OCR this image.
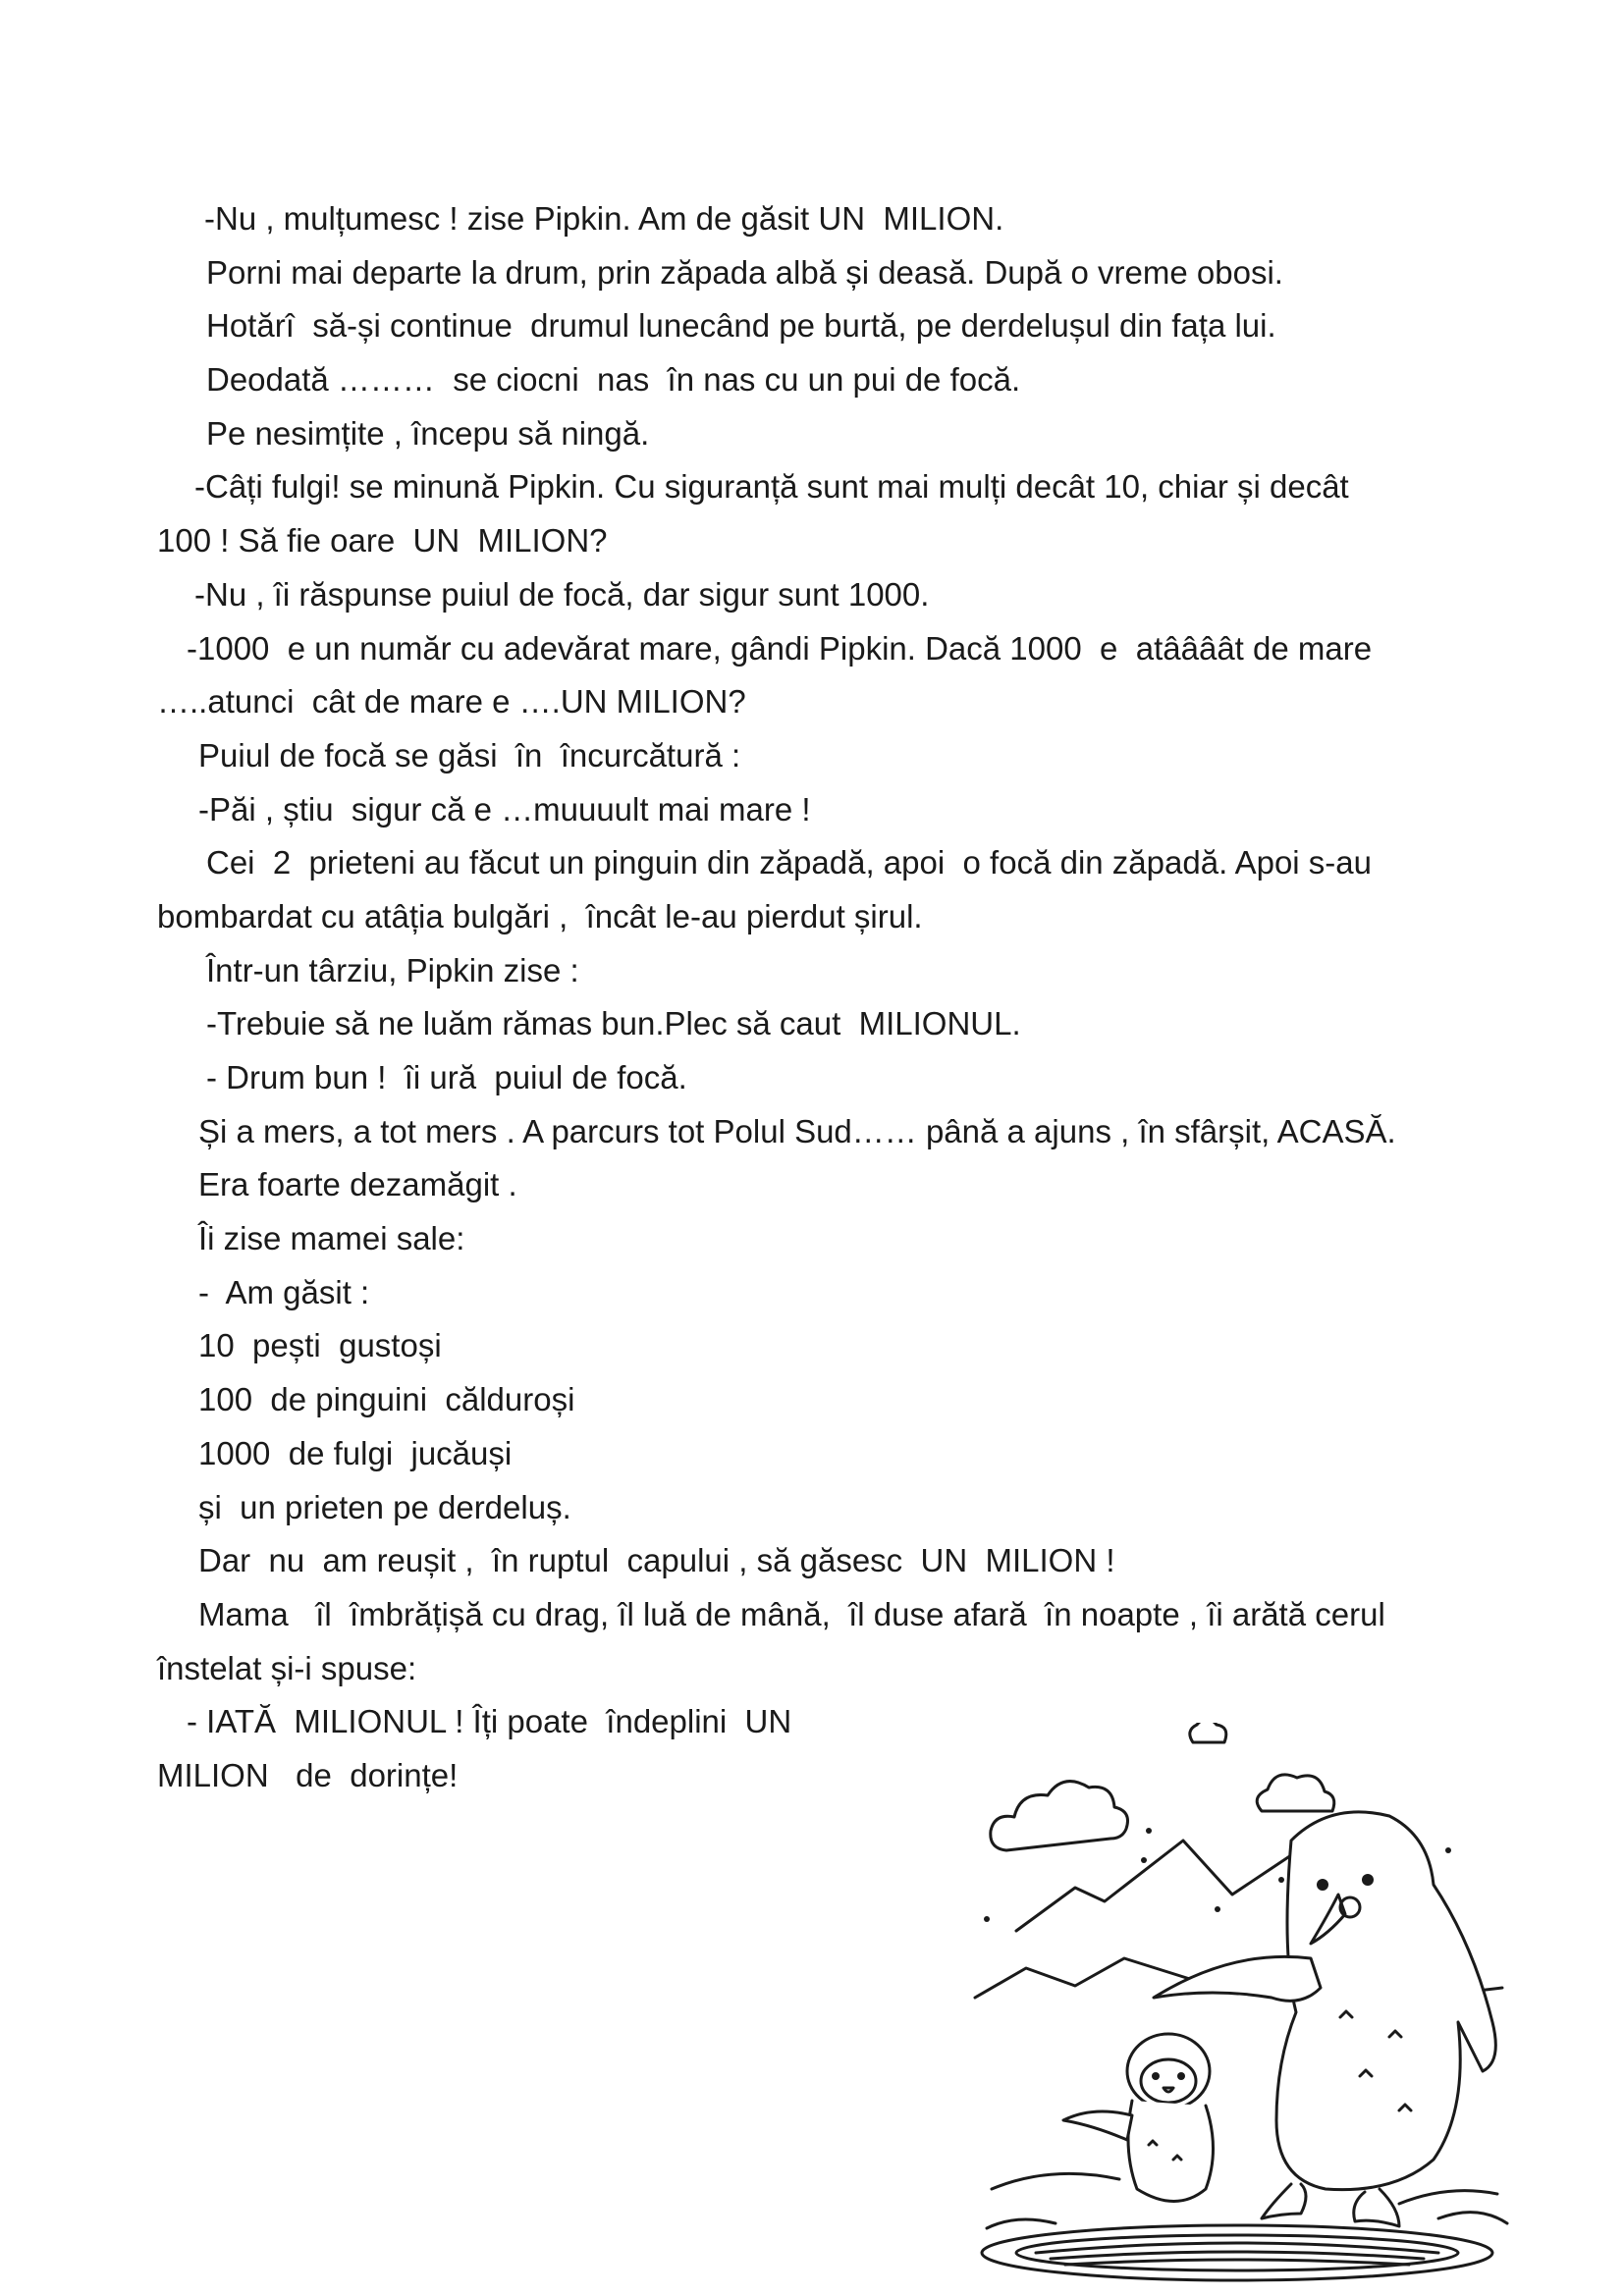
-Nu , mulțumesc ! zise Pipkin. Am de găsit UN  MILION.

Porni mai departe la drum, prin zăpada albă și deasă. După o vreme obosi.

Hotărî  să-și continue  drumul lunecând pe burtă, pe derdelușul din fața lui.

Deodată ………  se ciocni  nas  în nas cu un pui de focă.

Pe nesimțite , începu să ningă.

-Câți fulgi! se minună Pipkin. Cu siguranță sunt mai mulți decât 10, chiar și decât

100 ! Să fie oare  UN  MILION?

-Nu , îi răspunse puiul de focă, dar sigur sunt 1000.

-1000  e un număr cu adevărat mare, gândi Pipkin. Dacă 1000  e  atâââât de mare

…..atunci  cât de mare e ….UN MILION?

Puiul de focă se găsi  în  încurcătură :

-Păi , știu  sigur că e …muuuult mai mare !

Cei  2  prieteni au făcut un pinguin din zăpadă, apoi  o focă din zăpadă. Apoi s-au

bombardat cu atâția bulgări ,  încât le-au pierdut șirul.

Într-un târziu, Pipkin zise :

-Trebuie să ne luăm rămas bun.Plec să caut  MILIONUL.

- Drum bun !  îi ură  puiul de focă.

Și a mers, a tot mers . A parcurs tot Polul Sud…… până a ajuns , în sfârșit, ACASĂ.

Era foarte dezamăgit .

Îi zise mamei sale:

-  Am găsit :

10  pești  gustoși

100  de pinguini  călduroși

1000  de fulgi  jucăuși

și  un prieten pe derdeluș.

Dar  nu  am reușit ,  în ruptul  capului , să găsesc  UN  MILION !

Mama   îl  îmbrățișă cu drag, îl luă de mână,  îl duse afară  în noapte , îi arătă cerul

înstelat și-i spuse:

- IATĂ  MILIONUL ! Îți poate  îndeplini  UN

MILION   de  dorințe!
